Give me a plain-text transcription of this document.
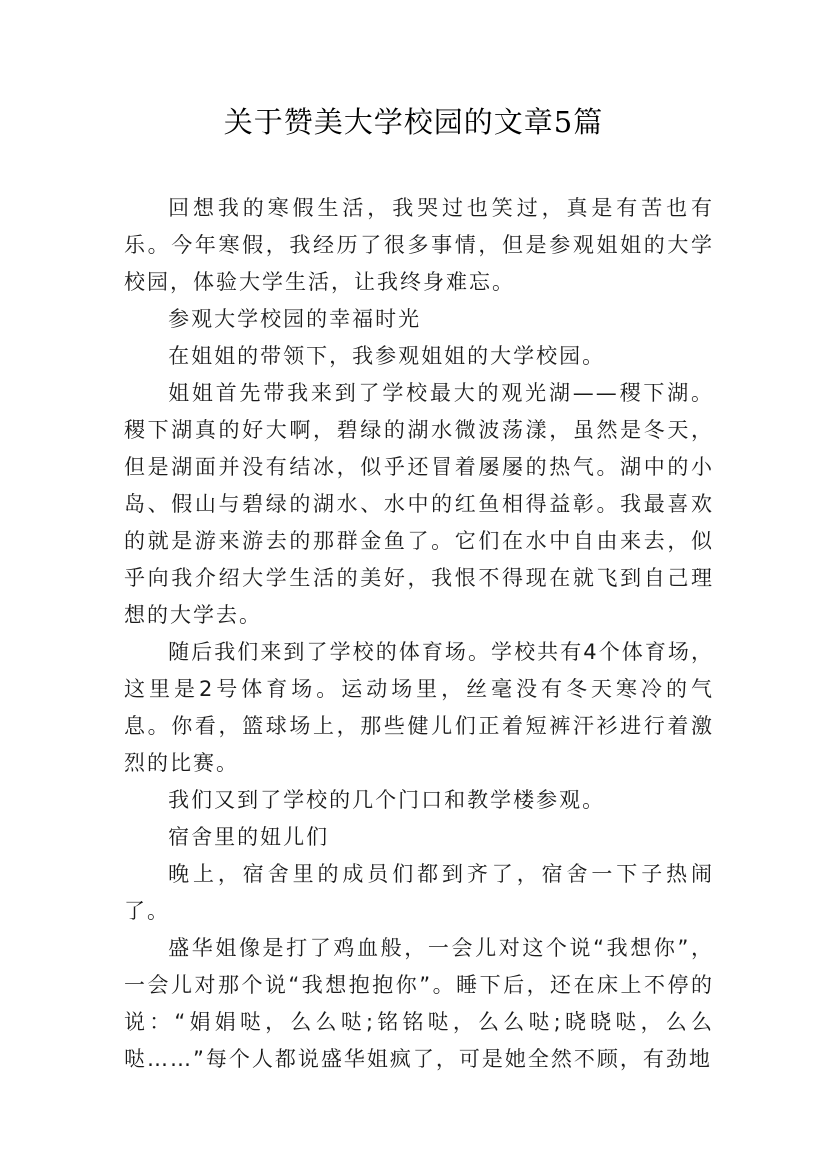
关于赞美大学校园的文章5篇

回想我的寒假生活，我哭过也笑过，真是有苦也有乐。今年寒假，我经历了很多事情，但是参观姐姐的大学校园，体验大学生活，让我终身难忘。

参观大学校园的幸福时光

在姐姐的带领下，我参观姐姐的大学校园。

姐姐首先带我来到了学校最大的观光湖——稷下湖。稷下湖真的好大啊，碧绿的湖水微波荡漾，虽然是冬天，但是湖面并没有结冰，似乎还冒着屡屡的热气。湖中的小岛、假山与碧绿的湖水、水中的红鱼相得益彰。我最喜欢的就是游来游去的那群金鱼了。它们在水中自由来去，似乎向我介绍大学生活的美好，我恨不得现在就飞到自己理想的大学去。

随后我们来到了学校的体育场。学校共有4个体育场，这里是2号体育场。运动场里，丝毫没有冬天寒冷的气息。你看，篮球场上，那些健儿们正着短裤汗衫进行着激烈的比赛。

我们又到了学校的几个门口和教学楼参观。

宿舍里的妞儿们

晚上，宿舍里的成员们都到齐了，宿舍一下子热闹了。

盛华姐像是打了鸡血般，一会儿对这个说“我想你”，一会儿对那个说“我想抱抱你”。睡下后，还在床上不停的说：“娟娟哒，么么哒;铭铭哒，么么哒;晓晓哒，么么哒……”每个人都说盛华姐疯了，可是她全然不顾，有劲地
